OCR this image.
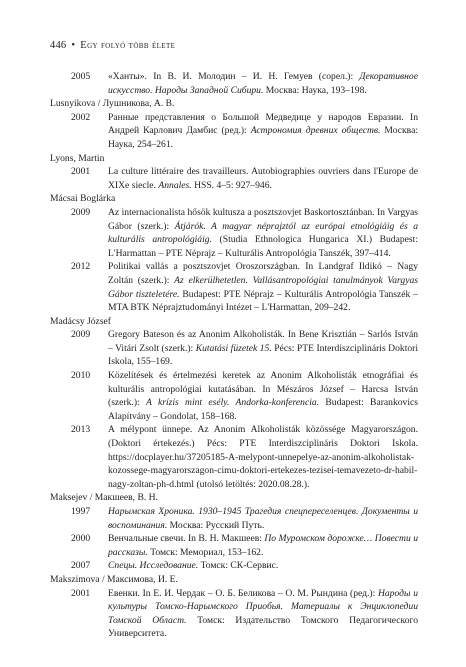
446 • Egy folyó több élete
2005	«Ханты». In В. И. Молодин – И. Н. Гемуев (сорел.): Декоративное искусство. Народы Западной Сибири. Москва: Наука, 193–198.
Lusnyikova / Лушникова, А. В.
2002	Ранные представления о Большой Медведице у народов Евразии. In Андрей Карлович Дамбис (ред.): Астрономия древних обществ. Москва: Наука, 254–261.
Lyons, Martin
2001	La culture littéraire des travailleurs. Autobiographies ouvriers dans l'Europe de XIXe siecle. Annales. HSS. 4–5: 927–946.
Mácsai Boglárka
2009	Az internacionalista hősök kultusza a posztszovjet Baskortosztánban. In Vargyas Gábor (szerk.): Átjárók. A magyar néprajztól az európai etnológiáig és a kulturális antropológiáig. (Studia Ethnologica Hungarica XI.) Budapest: L'Harmattan – PTE Néprajz – Kulturális Antropológia Tanszék, 397–414.
2012	Politikai vallás a posztszovjet Oroszországban. In Landgraf Ildikó – Nagy Zoltán (szerk.): Az elkerülhetetlen. Vallásantropológiai tanulmányok Vargyas Gábor tiszteletére. Budapest: PTE Néprajz – Kulturális Antropológia Tanszék – MTA BTK Néprajztudományi Intézet – L'Harmattan, 209–242.
Madácsy József
2009	Gregory Bateson és az Anonim Alkoholisták. In Bene Krisztián – Sarlós István – Vitári Zsolt (szerk.): Kutatási füzetek 15. Pécs: PTE Interdiszciplináris Doktori Iskola, 155–169.
2010	Közelítések és értelmezési keretek az Anonim Alkoholisták etnográfiai és kulturális antropológiai kutatásában. In Mészáros József – Harcsa István (szerk.): A krízis mint esély. Andorka-konferencia. Budapest: Barankovics Alapítvány – Gondolat, 158–168.
2013	A mélypont ünnepe. Az Anonim Alkoholisták közössége Magyarországon. (Doktori értekezés.) Pécs: PTE Interdiszciplináris Doktori Iskola. https://docplayer.hu/37205185-A-melypont-unnepelye-az-anonim-alkoholistak-kozossege-magyarorszagon-cimu-doktori-ertekezes-tezisei-temavezeto-dr-habil-nagy-zoltan-ph-d.html (utolsó letöltés: 2020.08.28.).
Maksejev / Макшеев, В. Н.
1997	Нарымская Хроника. 1930–1945 Трагедия спецпереселенцев. Документы и воспоминания. Москва: Русский Путь.
2000	Венчальные свечи. In В. Н. Макшеев: По Муромском дорожке… Повести и рассказы. Томск: Мемориал, 153–162.
2007	Спецы. Исследование. Томск: СК-Сервис.
Makszimova / Максимова, И. Е.
2001	Евенки. In Е. И. Чердак – О. Б. Беликова – О. М. Рындина (ред.): Народы и культуры Томско-Нарымского Приобья. Материалы к Энциклопедии Томской Област. Томск: Издательство Томского Педагогического Университета.
